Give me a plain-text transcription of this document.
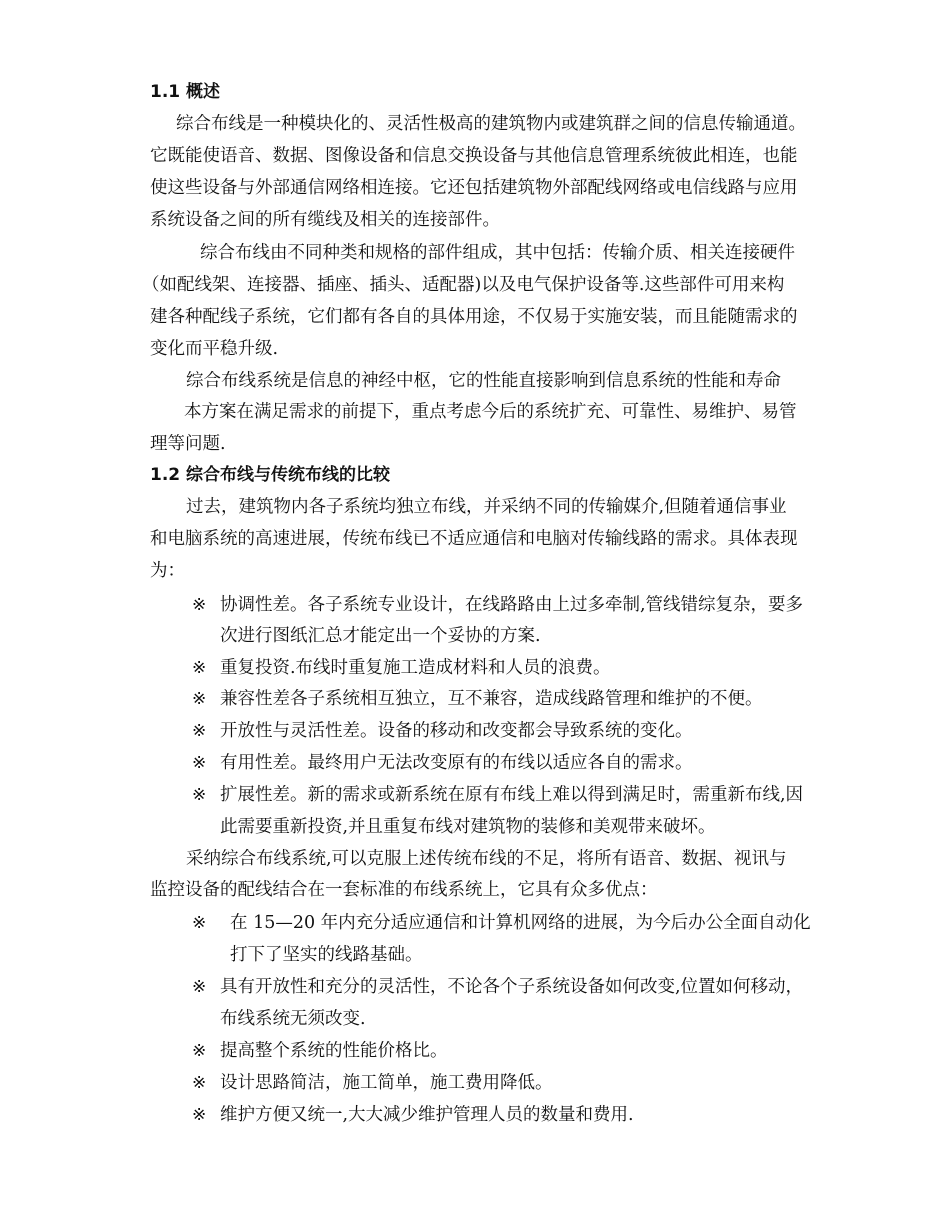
1.1 概述
综合布线是一种模块化的、灵活性极高的建筑物内或建筑群之间的信息传输通道。
它既能使语音、数据、图像设备和信息交换设备与其他信息管理系统彼此相连，也能
使这些设备与外部通信网络相连接。它还包括建筑物外部配线网络或电信线路与应用
系统设备之间的所有缆线及相关的连接部件。
综合布线由不同种类和规格的部件组成，其中包括：传输介质、相关连接硬件
（如配线架、连接器、插座、插头、适配器)以及电气保护设备等.这些部件可用来构
建各种配线子系统，它们都有各自的具体用途，不仅易于实施安装，而且能随需求的
变化而平稳升级.
综合布线系统是信息的神经中枢，它的性能直接影响到信息系统的性能和寿命
本方案在满足需求的前提下，重点考虑今后的系统扩充、可靠性、易维护、易管
理等问题.
1.2 综合布线与传统布线的比较
过去，建筑物内各子系统均独立布线，并采纳不同的传输媒介,但随着通信事业
和电脑系统的高速进展，传统布线已不适应通信和电脑对传输线路的需求。具体表现
为：
※ 协调性差。各子系统专业设计，在线路路由上过多牵制,管线错综复杂，要多
次进行图纸汇总才能定出一个妥协的方案.
※ 重复投资.布线时重复施工造成材料和人员的浪费。
※ 兼容性差各子系统相互独立，互不兼容，造成线路管理和维护的不便。
※ 开放性与灵活性差。设备的移动和改变都会导致系统的变化。
※ 有用性差。最终用户无法改变原有的布线以适应各自的需求。
※ 扩展性差。新的需求或新系统在原有布线上难以得到满足时，需重新布线,因
此需要重新投资,并且重复布线对建筑物的装修和美观带来破坏。
采纳综合布线系统,可以克服上述传统布线的不足，将所有语音、数据、视讯与
监控设备的配线结合在一套标准的布线系统上，它具有众多优点：
※ 在 15—20 年内充分适应通信和计算机网络的进展，为今后办公全面自动化
打下了坚实的线路基础。
※ 具有开放性和充分的灵活性，不论各个子系统设备如何改变,位置如何移动，
布线系统无须改变.
※ 提高整个系统的性能价格比。
※ 设计思路简洁，施工简单，施工费用降低。
※ 维护方便又统一,大大减少维护管理人员的数量和费用.
